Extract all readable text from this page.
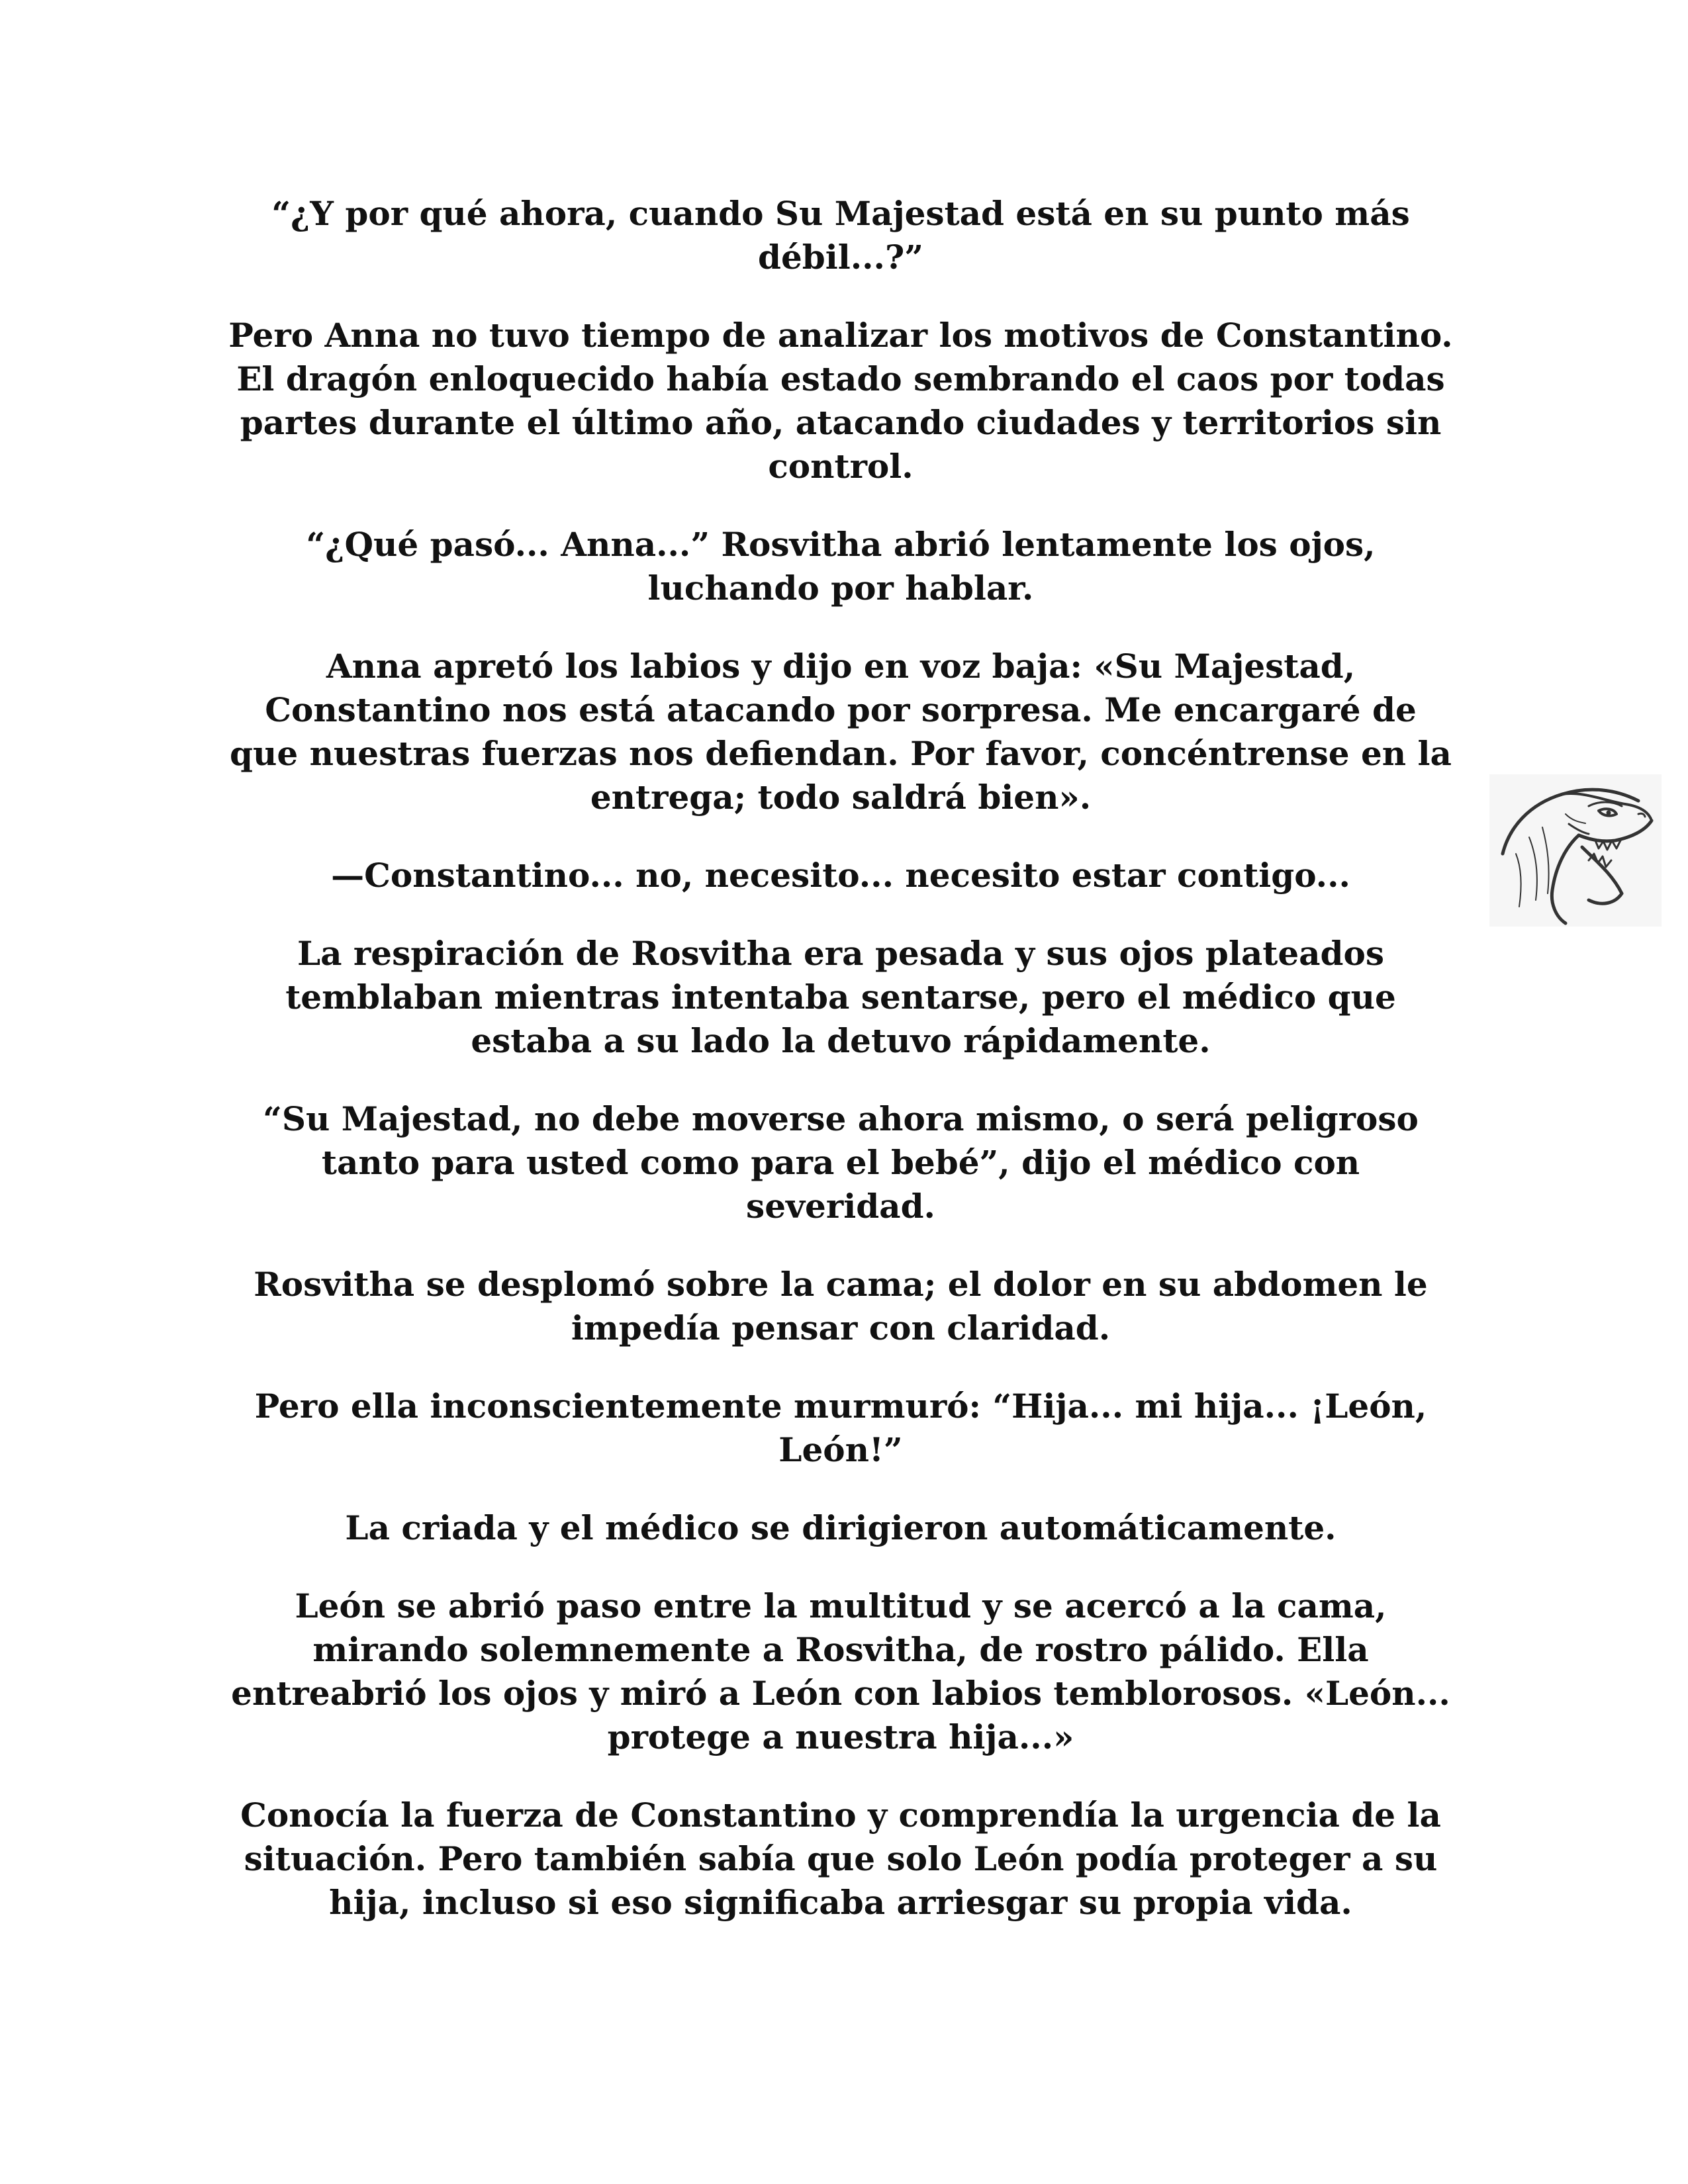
“¿Y por qué ahora, cuando Su Majestad está en su punto más débil...?”

Pero Anna no tuvo tiempo de analizar los motivos de Constantino. El dragón enloquecido había estado sembrando el caos por todas partes durante el último año, atacando ciudades y territorios sin control.

“¿Qué pasó... Anna...” Rosvitha abrió lentamente los ojos, luchando por hablar.

Anna apretó los labios y dijo en voz baja: «Su Majestad, Constantino nos está atacando por sorpresa. Me encargaré de que nuestras fuerzas nos defiendan. Por favor, concéntrense en la entrega; todo saldrá bien».

—Constantino... no, necesito... necesito estar contigo...

La respiración de Rosvitha era pesada y sus ojos plateados temblaban mientras intentaba sentarse, pero el médico que estaba a su lado la detuvo rápidamente.

“Su Majestad, no debe moverse ahora mismo, o será peligroso tanto para usted como para el bebé”, dijo el médico con severidad.

Rosvitha se desplomó sobre la cama; el dolor en su abdomen le impedía pensar con claridad.

Pero ella inconscientemente murmuró: “Hija... mi hija... ¡León, León!”

La criada y el médico se dirigieron automáticamente.

León se abrió paso entre la multitud y se acercó a la cama, mirando solemnemente a Rosvitha, de rostro pálido. Ella entreabrió los ojos y miró a León con labios temblorosos. «León... protege a nuestra hija...»

Conocía la fuerza de Constantino y comprendía la urgencia de la situación. Pero también sabía que solo León podía proteger a su hija, incluso si eso significaba arriesgar su propia vida.
